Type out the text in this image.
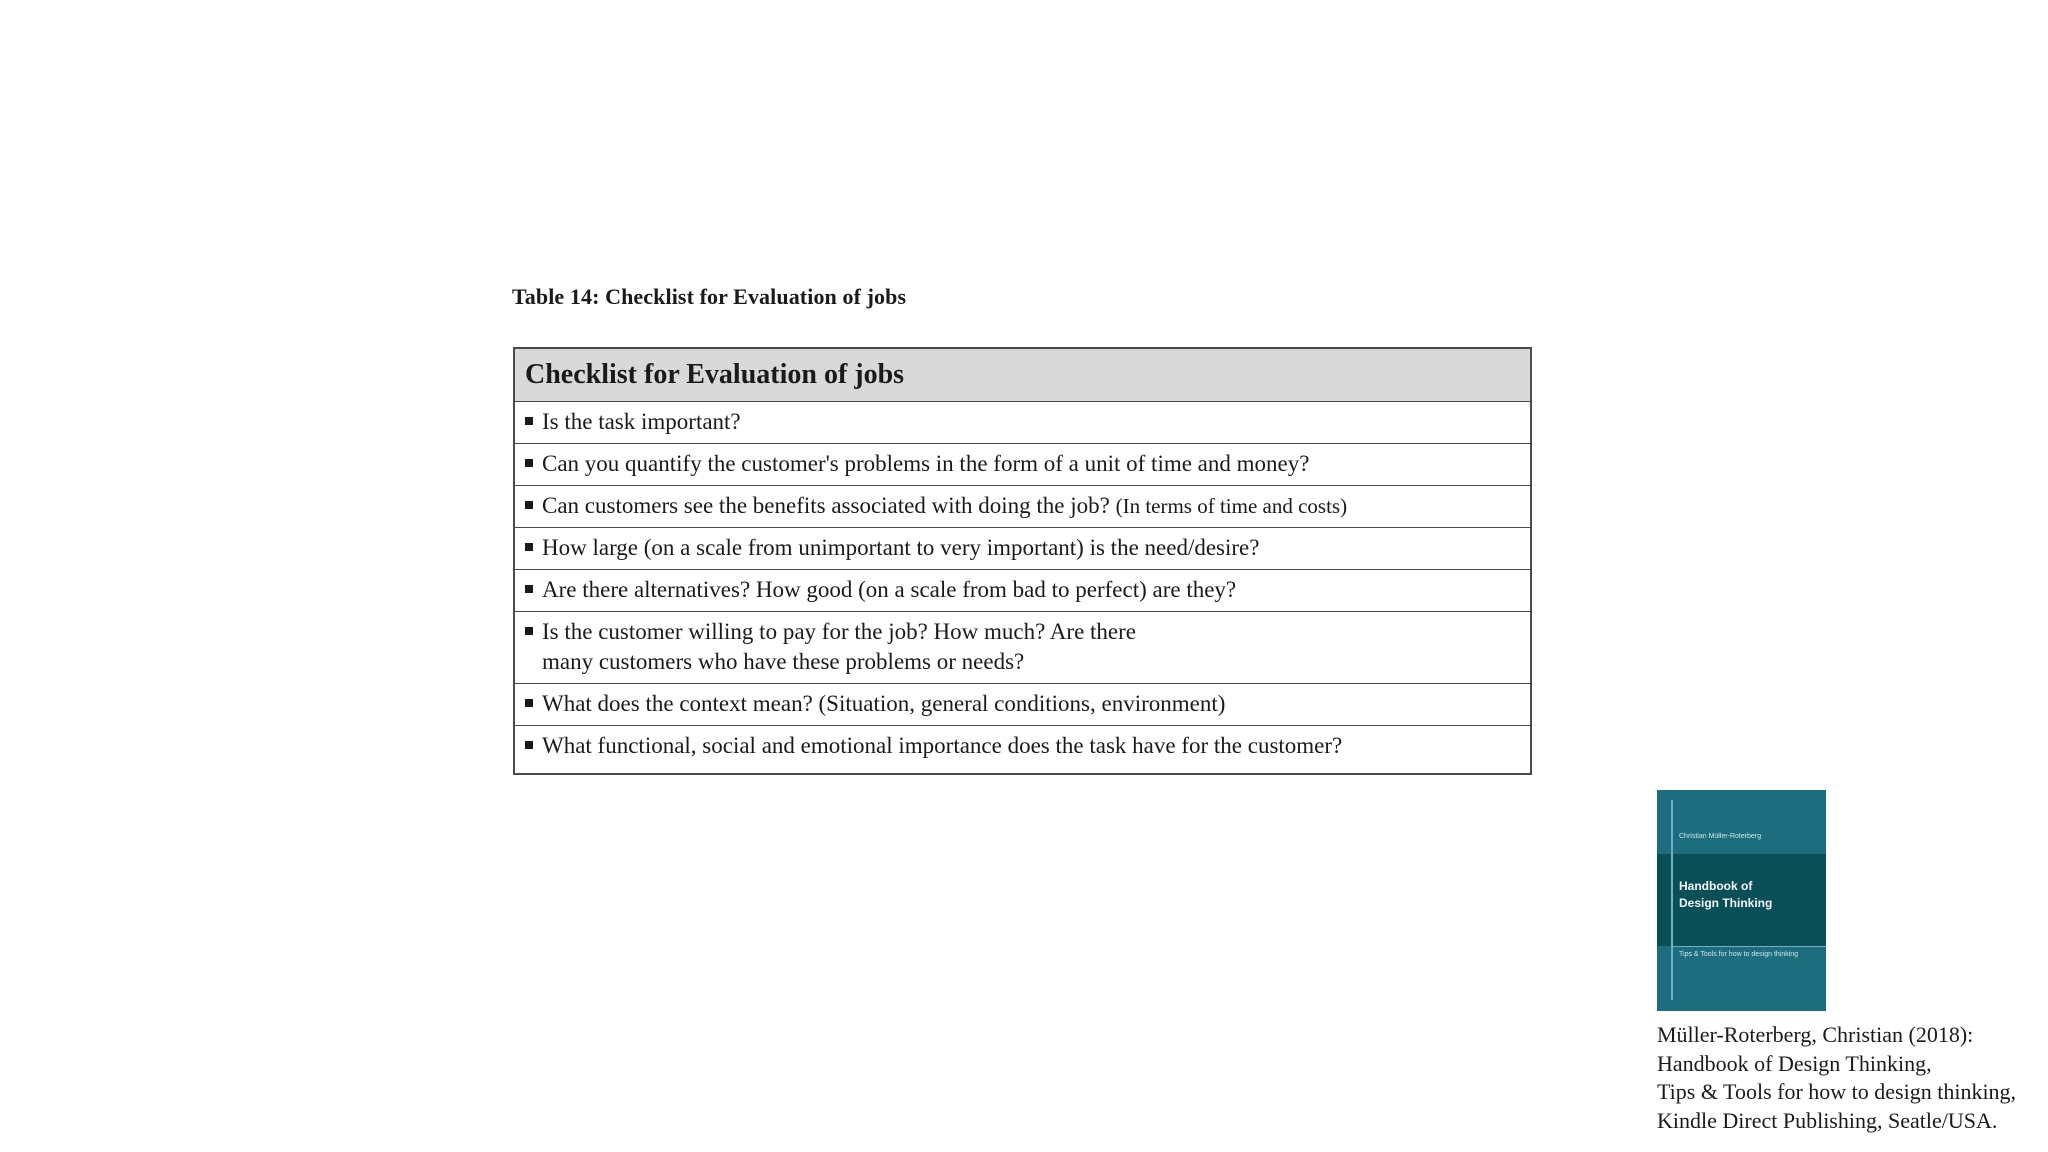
Table 14: Checklist for Evaluation of jobs
Checklist for Evaluation of jobs

Is the task important?

Can you quantify the customer's problems in the form of a unit of time and money?

Can customers see the benefits associated with doing the job? (In terms of time and costs)

How large (on a scale from unimportant to very important) is the need/desire?

Are there alternatives? How good (on a scale from bad to perfect) are they?

Is the customer willing to pay for the job? How much? Are there
many customers who have these problems or needs?

What does the context mean? (Situation, general conditions, environment)

What functional, social and emotional importance does the task have for the customer?
Christian Müller-Roterberg
Handbook of
Design Thinking
Tips & Tools for how to design thinking
Müller-Roterberg, Christian (2018):
Handbook of Design Thinking,
Tips & Tools for how to design thinking,
Kindle Direct Publishing, Seatle/USA.
